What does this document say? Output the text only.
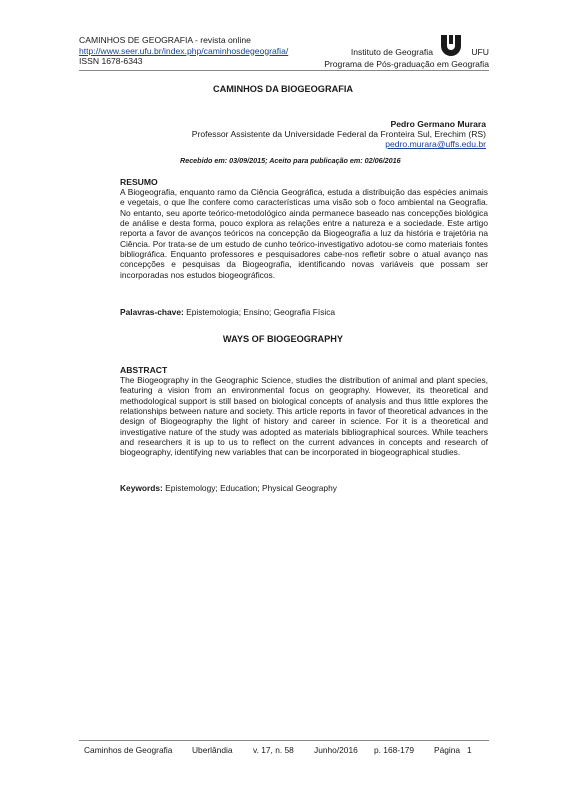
CAMINHOS DE GEOGRAFIA - revista online
http://www.seer.ufu.br/index.php/caminhosdegeografia/
ISSN 1678-6343
Instituto de Geografia	UFU
Programa de Pós-graduação em Geografia
CAMINHOS DA BIOGEOGRAFIA
Pedro Germano Murara
Professor Assistente da Universidade Federal da Fronteira Sul, Erechim (RS)
pedro.murara@uffs.edu.br
Recebido em: 03/09/2015; Aceito para publicação em: 02/06/2016
RESUMO
A Biogeografia, enquanto ramo da Ciência Geográfica, estuda a distribuição das espécies animais e vegetais, o que lhe confere como características uma visão sob o foco ambiental na Geografia. No entanto, seu aporte teórico-metodológico ainda permanece baseado nas concepções biológica de análise e desta forma, pouco explora as relações entre a natureza e a sociedade. Este artigo reporta a favor de avanços teóricos na concepção da Biogeografia a luz da história e trajetória na Ciência. Por trata-se de um estudo de cunho teórico-investigativo adotou-se como materiais fontes bibliográfica. Enquanto professores e pesquisadores cabe-nos refletir sobre o atual avanço nas concepções e pesquisas da Biogeografia, identificando novas variáveis que possam ser incorporadas nos estudos biogeográficos.
Palavras-chave: Epistemologia; Ensino; Geografia Física
WAYS OF BIOGEOGRAPHY
ABSTRACT
The Biogeography in the Geographic Science, studies the distribution of animal and plant species, featuring a vision from an environmental focus on geography. However, its theoretical and methodological support is still based on biological concepts of analysis and thus little explores the relationships between nature and society. This article reports in favor of theoretical advances in the design of Biogeography the light of history and career in science. For it is a theoretical and investigative nature of the study was adopted as materials bibliographical sources. While teachers and researchers it is up to us to reflect on the current advances in concepts and research of biogeography, identifying new variables that can be incorporated in biogeographical studies.
Keywords: Epistemology; Education; Physical Geography
Caminhos de Geografia	Uberlândia	v. 17, n. 58	Junho/2016	p. 168-179	Página 1
